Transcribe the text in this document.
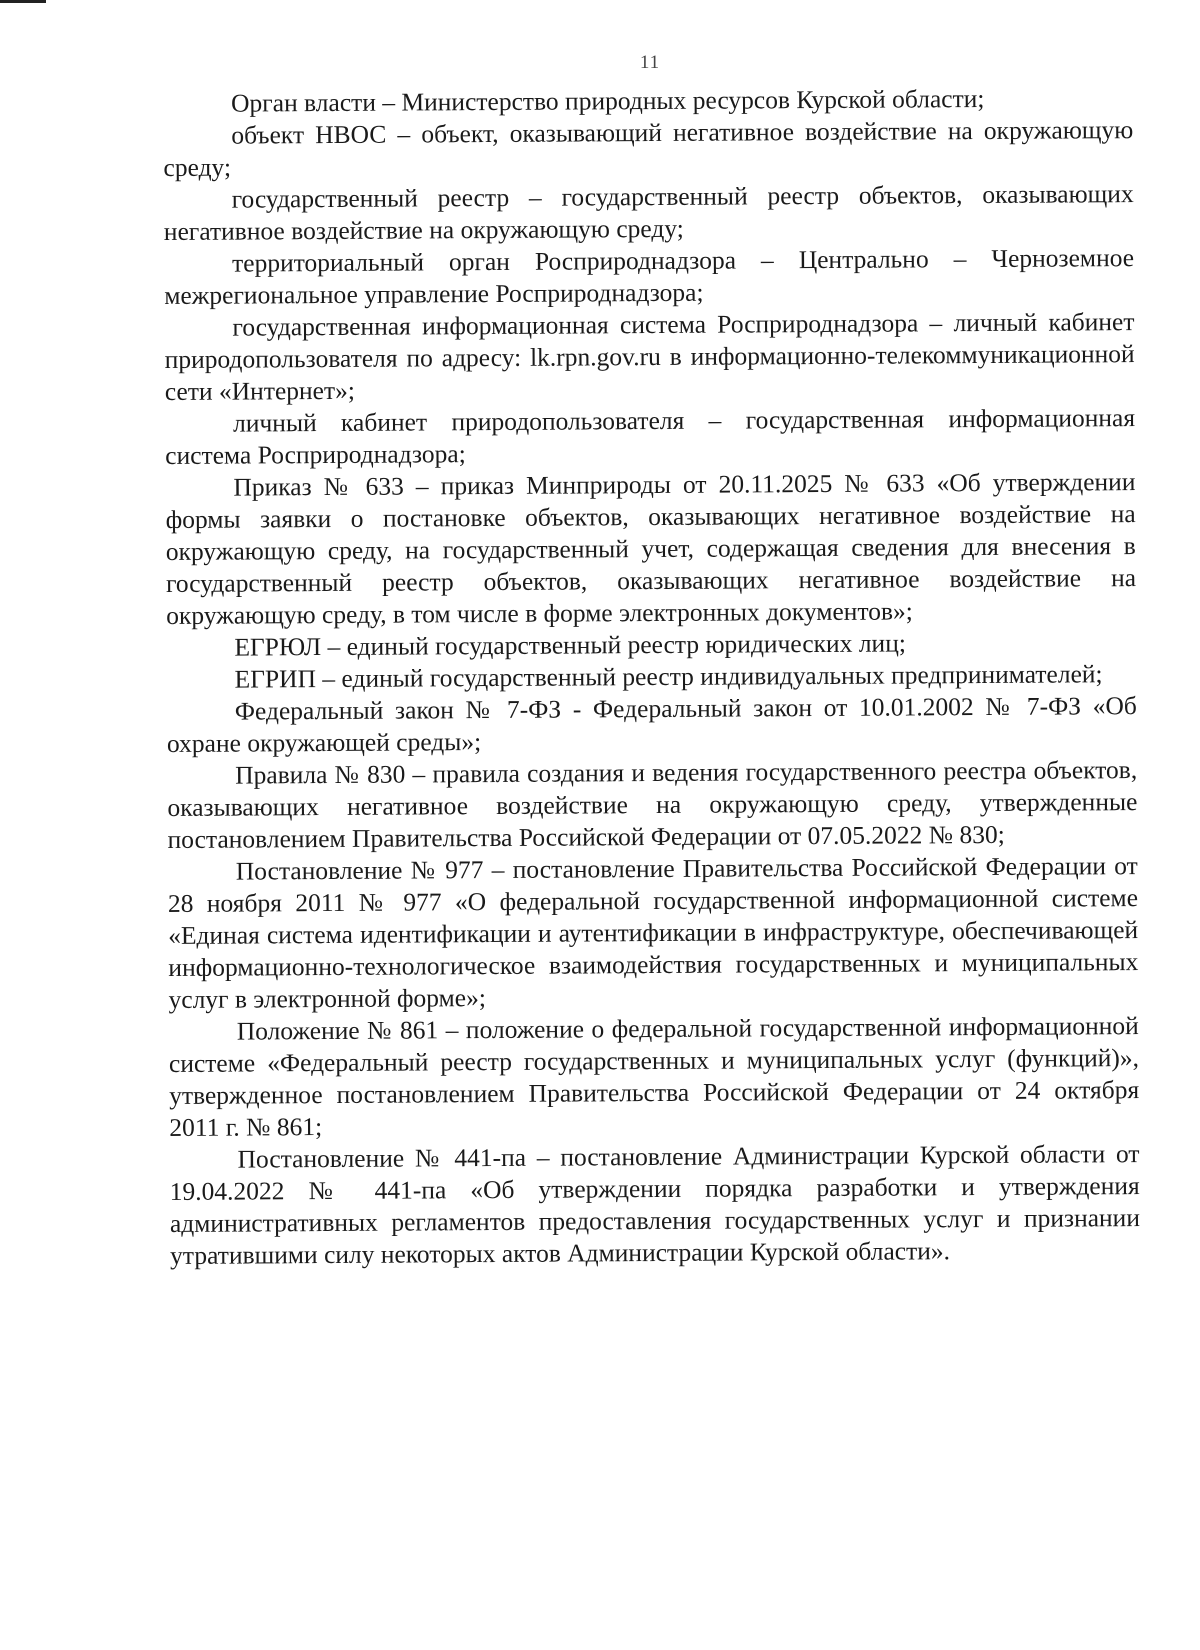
11

Орган власти – Министерство природных ресурсов Курской области;

объект НВОС – объект, оказывающий негативное воздействие на окружающую среду;

государственный реестр – государственный реестр объектов, оказывающих негативное воздействие на окружающую среду;

территориальный орган Росприроднадзора – Центрально – Черноземное межрегиональное управление Росприроднадзора;

государственная информационная система Росприроднадзора – личный кабинет природопользователя по адресу: lk.rpn.gov.ru в информационно-телекоммуникационной сети «Интернет»;

личный кабинет природопользователя – государственная информационная система Росприроднадзора;

Приказ № 633 – приказ Минприроды от 20.11.2025 № 633 «Об утверждении формы заявки о постановке объектов, оказывающих негативное воздействие на окружающую среду, на государственный учет, содержащая сведения для внесения в государственный реестр объектов, оказывающих негативное воздействие на окружающую среду, в том числе в форме электронных документов»;

ЕГРЮЛ – единый государственный реестр юридических лиц;

ЕГРИП – единый государственный реестр индивидуальных предпринимателей;

Федеральный закон № 7-ФЗ - Федеральный закон от 10.01.2002 № 7-ФЗ «Об охране окружающей среды»;

Правила № 830 – правила создания и ведения государственного реестра объектов, оказывающих негативное воздействие на окружающую среду, утвержденные постановлением Правительства Российской Федерации от 07.05.2022 № 830;

Постановление № 977 – постановление Правительства Российской Федерации от 28 ноября 2011 № 977 «О федеральной государственной информационной системе «Единая система идентификации и аутентификации в инфраструктуре, обеспечивающей информационно-технологическое взаимодействия государственных и муниципальных услуг в электронной форме»;

Положение № 861 – положение о федеральной государственной информационной системе «Федеральный реестр государственных и муниципальных услуг (функций)», утвержденное постановлением Правительства Российской Федерации от 24 октября 2011 г. № 861;

Постановление № 441-па – постановление Администрации Курской области от 19.04.2022 № 441-па «Об утверждении порядка разработки и утверждения административных регламентов предоставления государственных услуг и признании утратившими силу некоторых актов Администрации Курской области».
